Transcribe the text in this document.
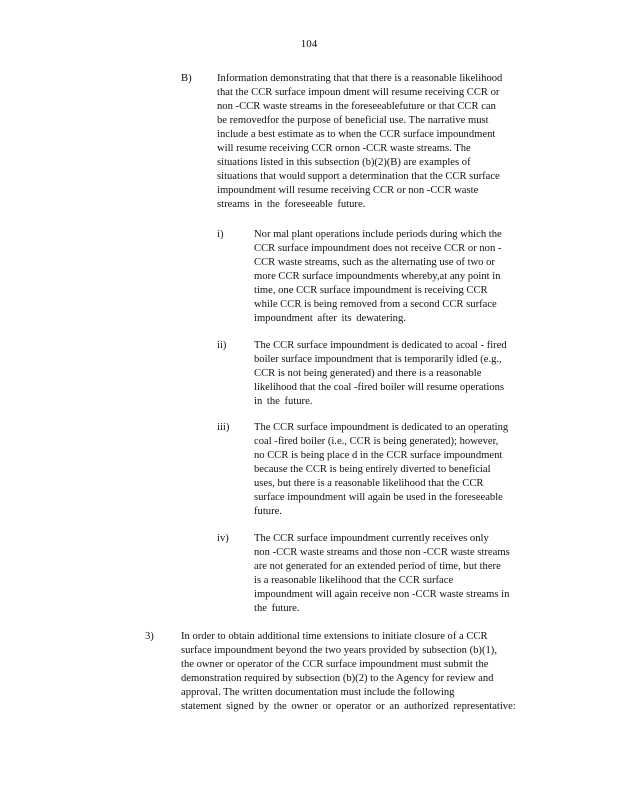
104
B) Information demonstrating that that there is a reasonable likelihood
that the CCR surface impoun dment will resume receiving CCR or
non -CCR waste streams in the foreseeablefuture or that CCR can
be removedfor the purpose of beneficial use. The narrative must
include a best estimate as to when the CCR surface impoundment
will resume receiving CCR ornon -CCR waste streams. The
situations listed in this subsection (b)(2)(B) are examples of
situations that would support a determination that the CCR surface
impoundment will resume receiving CCR or non -CCR waste
streams in the foreseeable future.
i)	Nor mal plant operations include periods during which the
CCR surface impoundment does not receive CCR or non -
CCR waste streams, such as the alternating use of two or
more CCR surface impoundments whereby,at any point in
time, one CCR surface impoundment is receiving CCR
while CCR is being removed from a second CCR surface
impoundment after its dewatering.
ii)	The CCR surface impoundment is dedicated to acoal - fired
boiler surface impoundment that is temporarily idled (e.g.,
CCR is not being generated) and there is a reasonable
likelihood that the coal -fired boiler will resume operations
in the future.
iii) The CCR surface impoundment is dedicated to an operating
coal -fired boiler (i.e., CCR is being generated); however,
no CCR is being place d in the CCR surface impoundment
because the CCR is being entirely diverted to beneficial
uses, but there is a reasonable likelihood that the CCR
surface impoundment will again be used in the foreseeable
future.
iv) The CCR surface impoundment currently receives only
non -CCR waste streams and those non -CCR waste streams
are not generated for an extended period of time, but there
is a reasonable likelihood that the CCR surface
impoundment will again receive non -CCR waste streams in
the future.
3)	In order to obtain additional time extensions to initiate closure of a CCR
surface impoundment beyond the two years provided by subsection (b)(1),
the owner or operator of the CCR surface impoundment must submit the
demonstration required by subsection (b)(2) to the Agency for review and
approval. The written documentation must include the following
statement signed by the owner or operator or an authorized representative:
